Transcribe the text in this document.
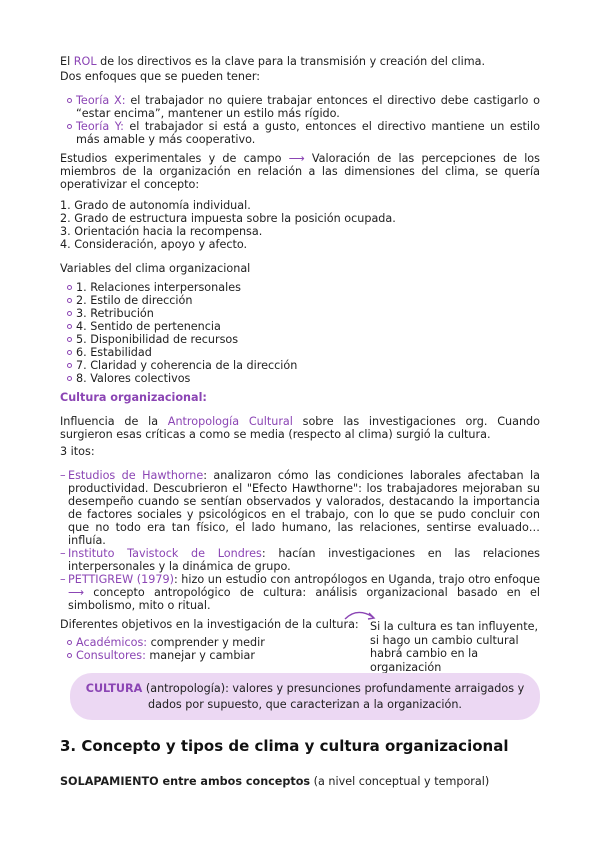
El ROL de los directivos es la clave para la transmisión y creación del clima.

Dos enfoques que se pueden tener:

Teoría X: el trabajador no quiere trabajar entonces el directivo debe castigarlo o “estar encima”, mantener un estilo más rígido.

Teoría Y: el trabajador si está a gusto, entonces el directivo mantiene un estilo más amable y más cooperativo.

Estudios experimentales y de campo ⟶ Valoración de las percepciones de los miembros de la organización en relación a las dimensiones del clima, se quería operativizar el concepto:

1. Grado de autonomía individual.

2. Grado de estructura impuesta sobre la posición ocupada.

3. Orientación hacia la recompensa.

4. Consideración, apoyo y afecto.

Variables del clima organizacional

1. Relaciones interpersonales

2. Estilo de dirección

3. Retribución

4. Sentido de pertenencia

5. Disponibilidad de recursos

6. Estabilidad

7. Claridad y coherencia de la dirección

8. Valores colectivos

Cultura organizacional:

Influencia de la Antropología Cultural sobre las investigaciones org. Cuando surgieron esas críticas a como se media (respecto al clima) surgió la cultura.

3 itos:

– Estudios de Hawthorne: analizaron cómo las condiciones laborales afectaban la productividad. Descubrieron el "Efecto Hawthorne": los trabajadores mejoraban su desempeño cuando se sentían observados y valorados, destacando la importancia de factores sociales y psicológicos en el trabajo, con lo que se pudo concluir con que no todo era tan físico, el lado humano, las relaciones, sentirse evaluado… influía.

– Instituto Tavistock de Londres: hacían investigaciones en las relaciones interpersonales y la dinámica de grupo.

– PETTIGREW (1979): hizo un estudio con antropólogos en Uganda, trajo otro enfoque ⟶ concepto antropológico de cultura: análisis organizacional basado en el simbolismo, mito o ritual.

Diferentes objetivos en la investigación de la cultura:

Académicos: comprender y medir

Consultores: manejar y cambiar

Si la cultura es tan influyente, si hago un cambio cultural habrá cambio en la organización

CULTURA (antropología): valores y presunciones profundamente arraigados y dados por supuesto, que caracterizan a la organización.

3. Concepto y tipos de clima y cultura organizacional

SOLAPAMIENTO entre ambos conceptos (a nivel conceptual y temporal)
